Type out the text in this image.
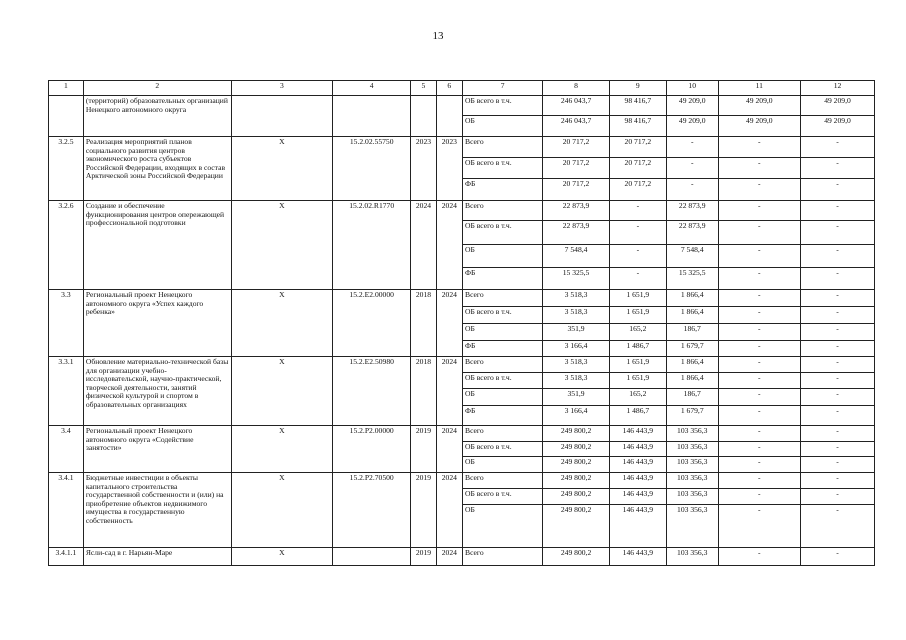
13
1	2	3	4	5	6	7	8	9	10	11	12
	(территорий) образовательных организаций Ненецкого автономного округа					ОБ всего в т.ч.	246 043,7	98 416,7	49 209,0	49 209,0	49 209,0
						ОБ	246 043,7	98 416,7	49 209,0	49 209,0	49 209,0
3.2.5	Реализация мероприятий планов социального развития центров экономического роста субъектов Российской Федерации, входящих в состав Арктической зоны Российской Федерации	Х	15.2.02.55750	2023	2023	Всего	20 717,2	20 717,2	-	-	-
						ОБ всего в т.ч.	20 717,2	20 717,2	-	-	-
						ФБ	20 717,2	20 717,2	-	-	-
3.2.6	Создание и обеспечение функционирования центров опережающей профессиональной подготовки	Х	15.2.02.R1770	2024	2024	Всего	22 873,9	-	22 873,9	-	-
						ОБ всего в т.ч.	22 873,9	-	22 873,9	-	-
						ОБ	7 548,4	-	7 548,4	-	-
						ФБ	15 325,5	-	15 325,5	-	-
3.3	Региональный проект Ненецкого автономного округа «Успех каждого ребенка»	Х	15.2.Е2.00000	2018	2024	Всего	3 518,3	1 651,9	1 866,4	-	-
						ОБ всего в т.ч.	3 518,3	1 651,9	1 866,4	-	-
						ОБ	351,9	165,2	186,7	-	-
						ФБ	3 166,4	1 486,7	1 679,7	-	-
3.3.1	Обновление материально-технической базы для организации учебно-исследовательской, научно-практической, творческой деятельности, занятий физической культурой и спортом в образовательных организациях	Х	15.2.Е2.50980	2018	2024	Всего	3 518,3	1 651,9	1 866,4	-	-
						ОБ всего в т.ч.	3 518,3	1 651,9	1 866,4	-	-
						ОБ	351,9	165,2	186,7	-	-
						ФБ	3 166,4	1 486,7	1 679,7	-	-
3.4	Региональный проект Ненецкого автономного округа «Содействие занятости»	Х	15.2.Р2.00000	2019	2024	Всего	249 800,2	146 443,9	103 356,3	-	-
						ОБ всего в т.ч.	249 800,2	146 443,9	103 356,3	-	-
						ОБ	249 800,2	146 443,9	103 356,3	-	-
3.4.1	Бюджетные инвестиции в объекты капитального строительства государственной собственности и (или) на приобретение объектов недвижимого имущества в государственную собственность	Х	15.2.Р2.70500	2019	2024	Всего	249 800,2	146 443,9	103 356,3	-	-
						ОБ всего в т.ч.	249 800,2	146 443,9	103 356,3	-	-
						ОБ	249 800,2	146 443,9	103 356,3	-	-
3.4.1.1	Ясли-сад в г. Нарьян-Маре	Х		2019	2024	Всего	249 800,2	146 443,9	103 356,3	-	-
